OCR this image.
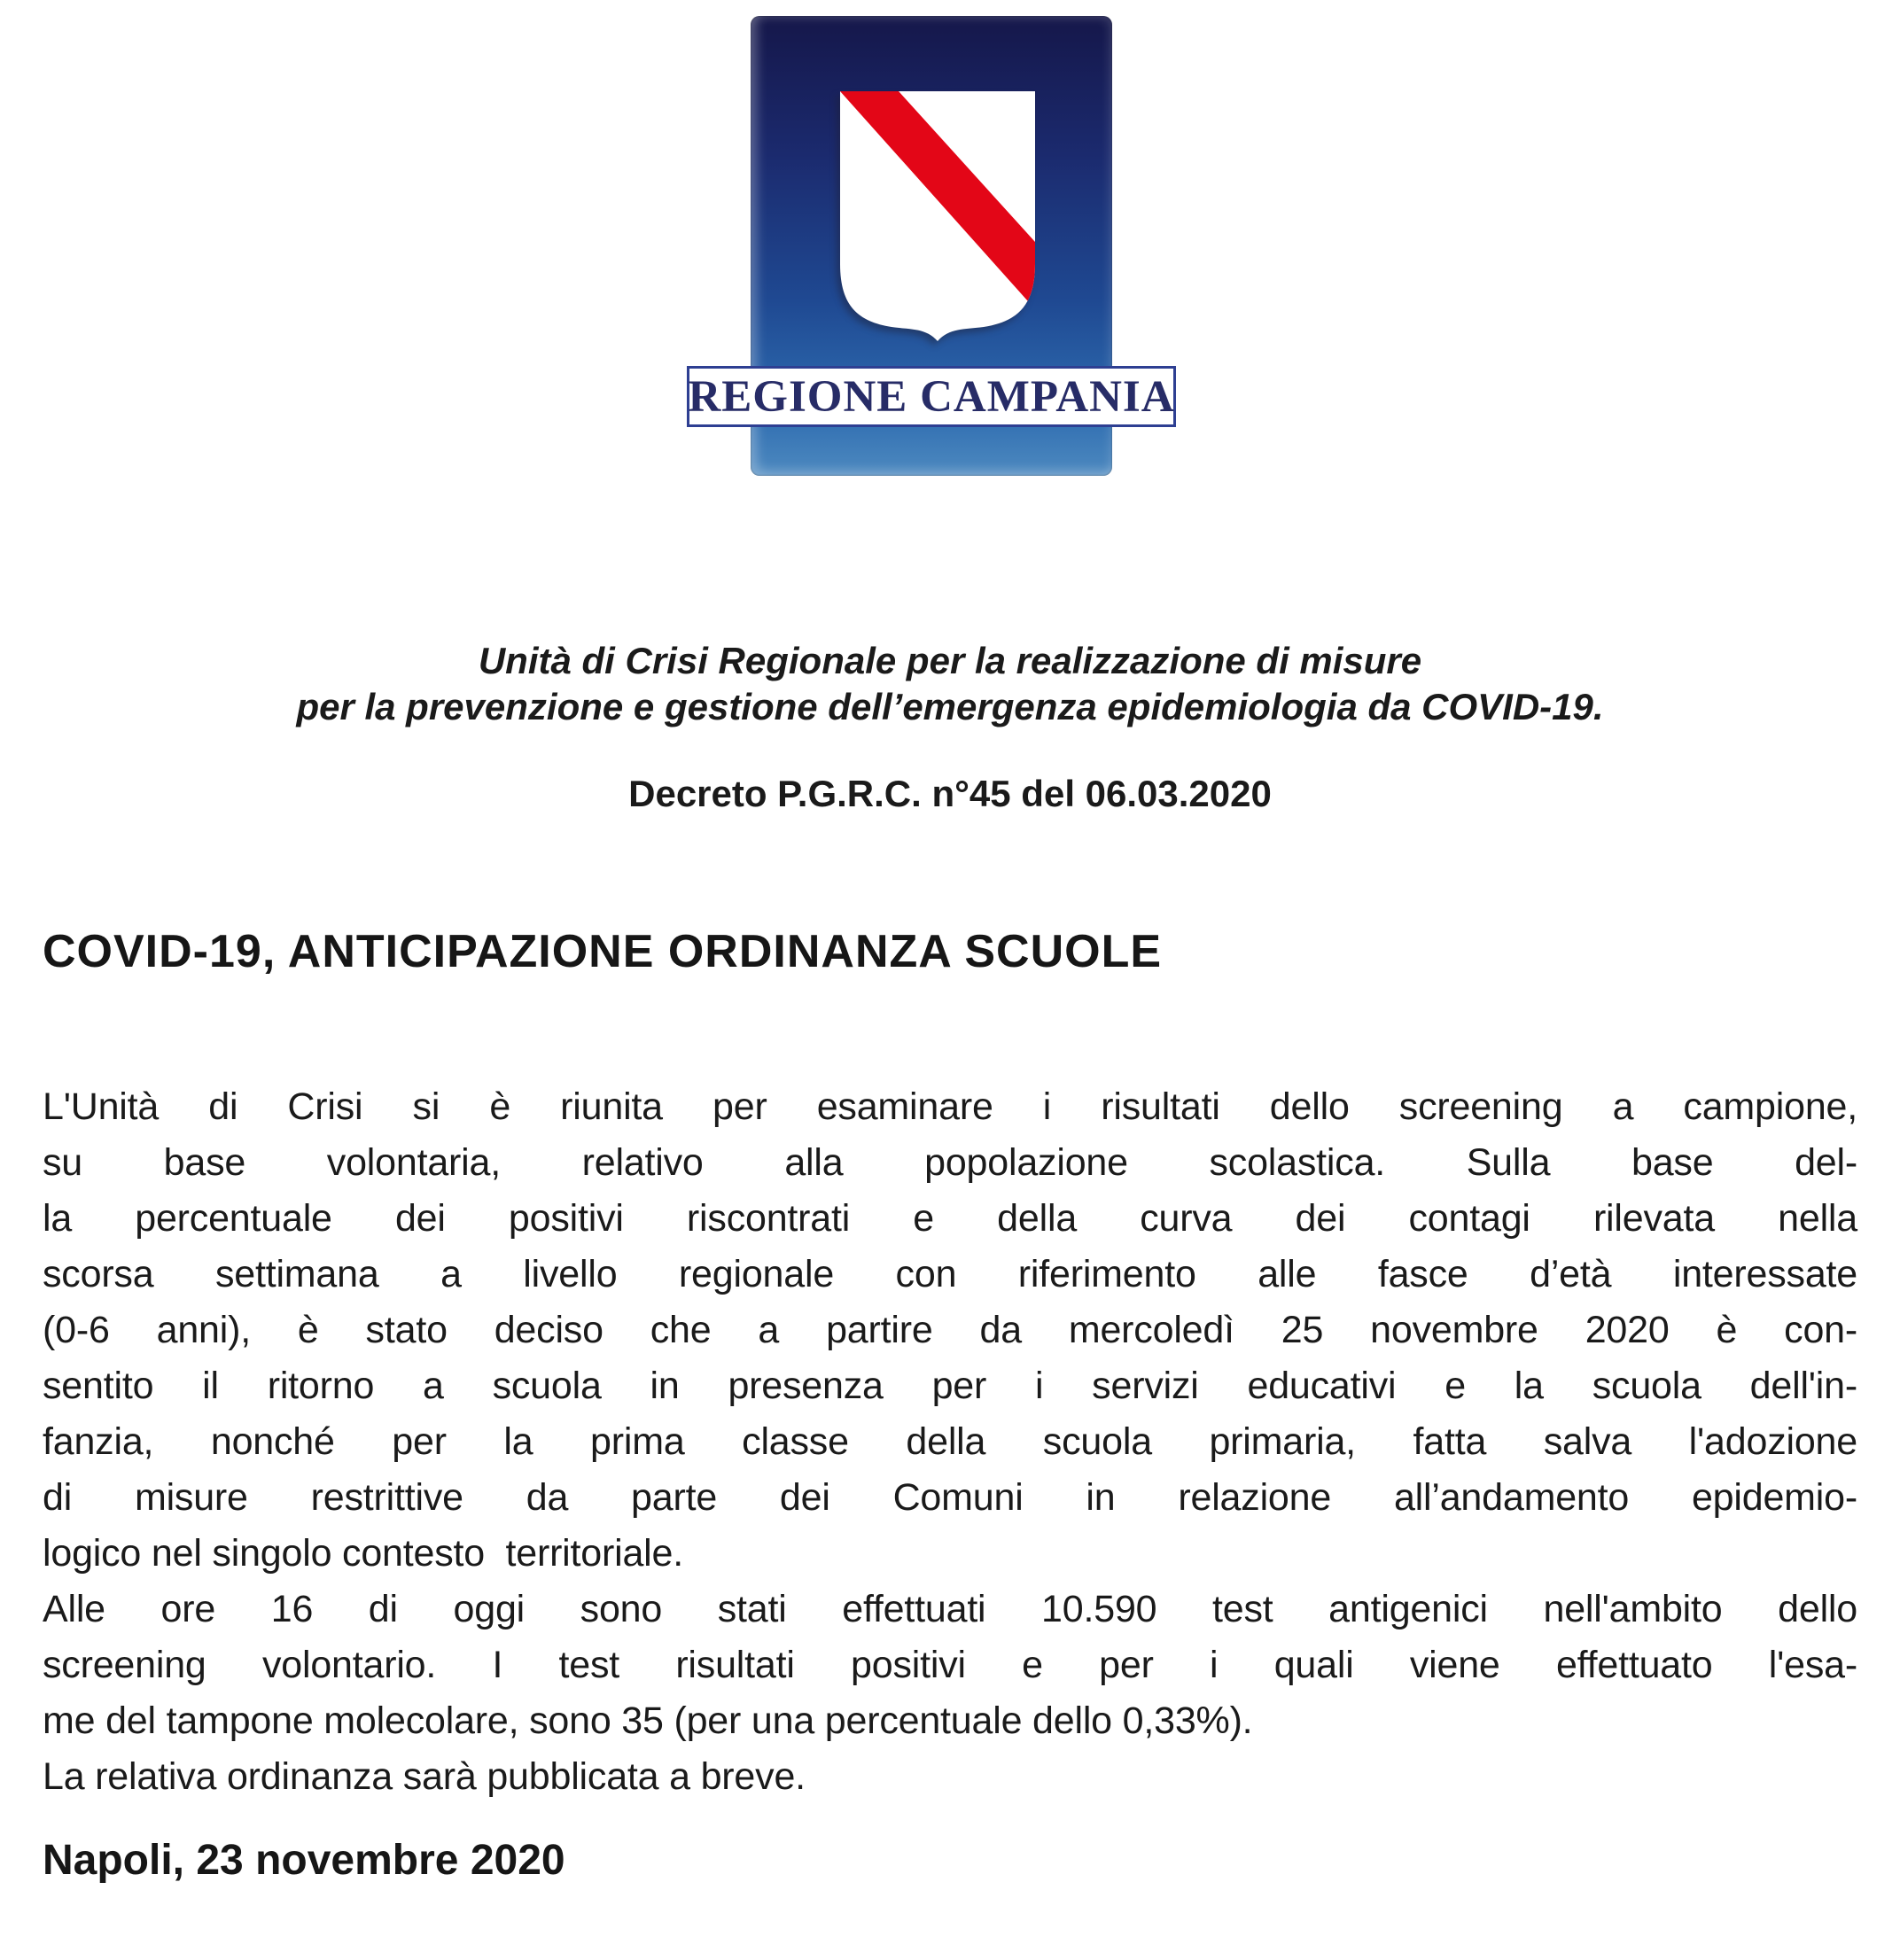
REGIONE CAMPANIA
Unità di Crisi Regionale per la realizzazione di misure
per la prevenzione e gestione dell’emergenza epidemiologia da COVID-19.
Decreto P.G.R.C. n°45 del 06.03.2020
COVID-19, ANTICIPAZIONE ORDINANZA SCUOLE
L'Unità di Crisi si è riunita per esaminare i risultati dello screening a campione,
su base volontaria, relativo alla popolazione scolastica. Sulla base del-
la percentuale dei positivi riscontrati e della curva dei contagi rilevata nella
scorsa settimana a livello regionale con riferimento alle fasce d’età interessate
(0-6 anni), è stato deciso che a partire da mercoledì 25 novembre 2020 è con-
sentito il ritorno a scuola in presenza per i servizi educativi e la scuola dell'in-
fanzia, nonché per la prima classe della scuola primaria, fatta salva l'adozione
di misure restrittive da parte dei Comuni in relazione all’andamento epidemio-
logico nel singolo contesto  territoriale.
Alle ore 16 di oggi sono stati effettuati 10.590 test antigenici nell'ambito dello
screening volontario. I test risultati positivi e per i quali viene effettuato l'esa-
me del tampone molecolare, sono 35 (per una percentuale dello 0,33%).
La relativa ordinanza sarà pubblicata a breve.
Napoli, 23 novembre 2020
